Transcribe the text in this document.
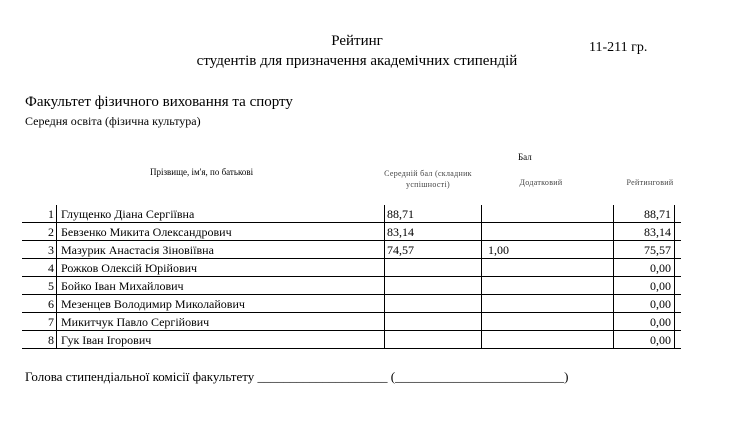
Рейтинг
студентів для призначення академічних стипендій
11-211 гр.
Факультет фізичного виховання та спорту
Середня освіта (фізична культура)
Бал
Прізвище, ім'я, по батькові	Середній бал (складник успішності)	Додатковий	Рейтинговий
1	Глущенко Діана Сергіївна	88,71		88,71	
2	Бевзенко Микита Олександрович	83,14		83,14	
3	Мазурик Анастасія Зіновіївна	74,57	1,00	75,57	
4	Рожков Олексій Юрійович			0,00	
5	Бойко Іван Михайлович			0,00	
6	Мезенцев Володимир Миколайович			0,00	
7	Микитчук Павло Сергійович			0,00	
8	Гук Іван Ігорович			0,00	
Голова стипендіальної комісії факультету ____________________ (__________________________)
